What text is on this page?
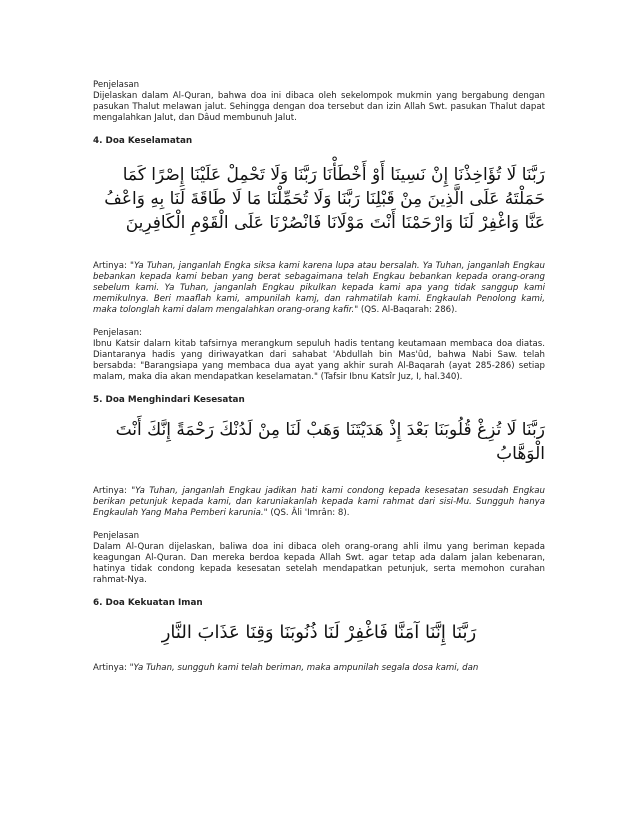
Penjelasan

Dijelaskan dalam Al-Quran, bahwa doa ini dibaca oleh sekelompok mukmin yang bergabung dengan pasukan Thalut melawan jalut. Sehingga dengan doa tersebut dan izin Allah Swt. pasukan Thalut dapat mengalahkan Jalut, dan Dâud membunuh Jalut.

4. Doa Keselamatan

رَبَّنَا لَا تُؤَاخِذْنَا إِنْ نَسِينَا أَوْ أَخْطَأْنَا رَبَّنَا وَلَا تَحْمِلْ عَلَيْنَا إِصْرًا كَمَا حَمَلْتَهُ عَلَى الَّذِينَ مِنْ قَبْلِنَا رَبَّنَا وَلَا تُحَمِّلْنَا مَا لَا طَاقَةَ لَنَا بِهِ وَاعْفُ عَنَّا وَاغْفِرْ لَنَا وَارْحَمْنَا أَنْتَ مَوْلَانَا فَانْصُرْنَا عَلَى الْقَوْمِ الْكَافِرِينَ

Artinya: "Ya Tuhan, janganlah Engka siksa kami karena lupa atau bersalah. Ya Tuhan, janganlah Engkau bebankan kepada kami beban yang berat sebagaimana telah Engkau bebankan kepada orang-orang sebelum kami. Ya Tuhan, janganlah Engkau pikulkan kepada kami apa yang tidak sanggup kami memikulnya. Beri maaflah kami, ampunilah kamj, dan rahmatilah kami. Engkaulah Penolong kami, maka tolonglah kami dalam mengalahkan orang-orang kafir." (QS. Al-Baqarah: 286).

Penjelasan:

Ibnu Katsir dalarn kitab tafsirnya merangkum sepuluh hadis tentang keutamaan membaca doa diatas. Diantaranya hadis yang diriwayatkan dari sahabat 'Abdullah bin Mas'ûd, bahwa Nabi Saw. telah bersabda: "Barangsiapa yang membaca dua ayat yang akhir surah Al-Baqarah (ayat 285-286) setiap malam, maka dia akan mendapatkan keselamatan." (Tafsir Ibnu Katsîr Juz, I, hal.340).

5. Doa Menghindari Kesesatan

رَبَّنَا لَا تُزِغْ قُلُوبَنَا بَعْدَ إِذْ هَدَيْتَنَا وَهَبْ لَنَا مِنْ لَدُنْكَ رَحْمَةً إِنَّكَ أَنْتَ الْوَهَّابُ

Artinya: "Ya Tuhan, janganlah Engkau jadikan hati kami condong kepada kesesatan sesudah Engkau berikan petunjuk kepada kami, dan karuniakanlah kepada kami rahmat dari sisi-Mu. Sungguh hanya Engkaulah Yang Maha Pemberi karunia." (QS. Âli 'Imrân: 8).

Penjelasan

Dalam Al-Quran dijelaskan, baliwa doa ini dibaca oleh orang-orang ahli ilmu yang beriman kepada keagungan Al-Quran. Dan mereka berdoa kepada Allah Swt. agar tetap ada dalam jalan kebenaran, hatinya tidak condong kepada kesesatan setelah mendapatkan petunjuk, serta memohon curahan rahmat-Nya.

6. Doa Kekuatan Iman

رَبَّنَا إِنَّنَا آمَنَّا فَاغْفِرْ لَنَا ذُنُوبَنَا وَقِنَا عَذَابَ النَّارِ

Artinya: "Ya Tuhan, sungguh kami telah beriman, maka ampunilah segala dosa kami, dan
